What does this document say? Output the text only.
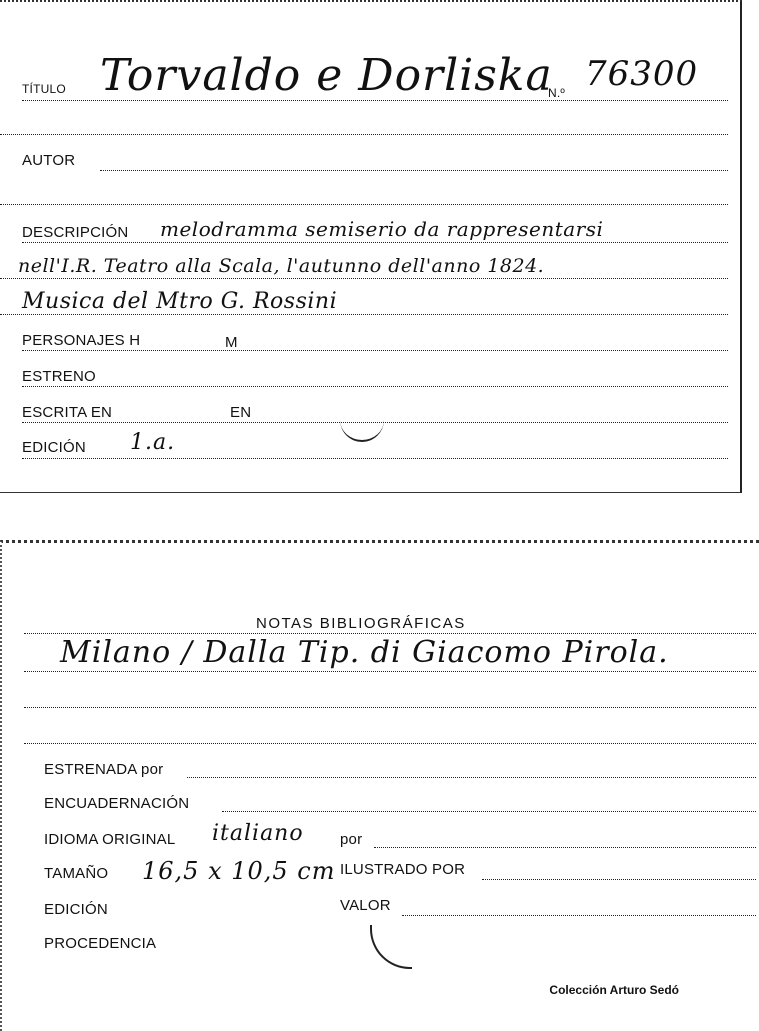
TÍTULO Torvaldo e Dorliska
N.º 76300
AUTOR
DESCRIPCIÓN melodramma semiserio da rappresentarsi
nell'I.R. Teatro alla Scala, l'autunno dell'anno 1824.
Musica del Mtro G. Rossini
PERSONAJES H	M
ESTRENO
ESCRITA EN	EN
EDICIÓN 1.a.
NOTAS BIBLIOGRÁFICAS
Milano / Dalla Tip. di Giacomo Pirola.
ESTRENADA por
ENCUADERNACIÓN
IDIOMA ORIGINAL italiano por
TAMAÑO 16,5 x 10,5 cm ILUSTRADO POR
EDICIÓN	VALOR
PROCEDENCIA
Colección Arturo Sedó
